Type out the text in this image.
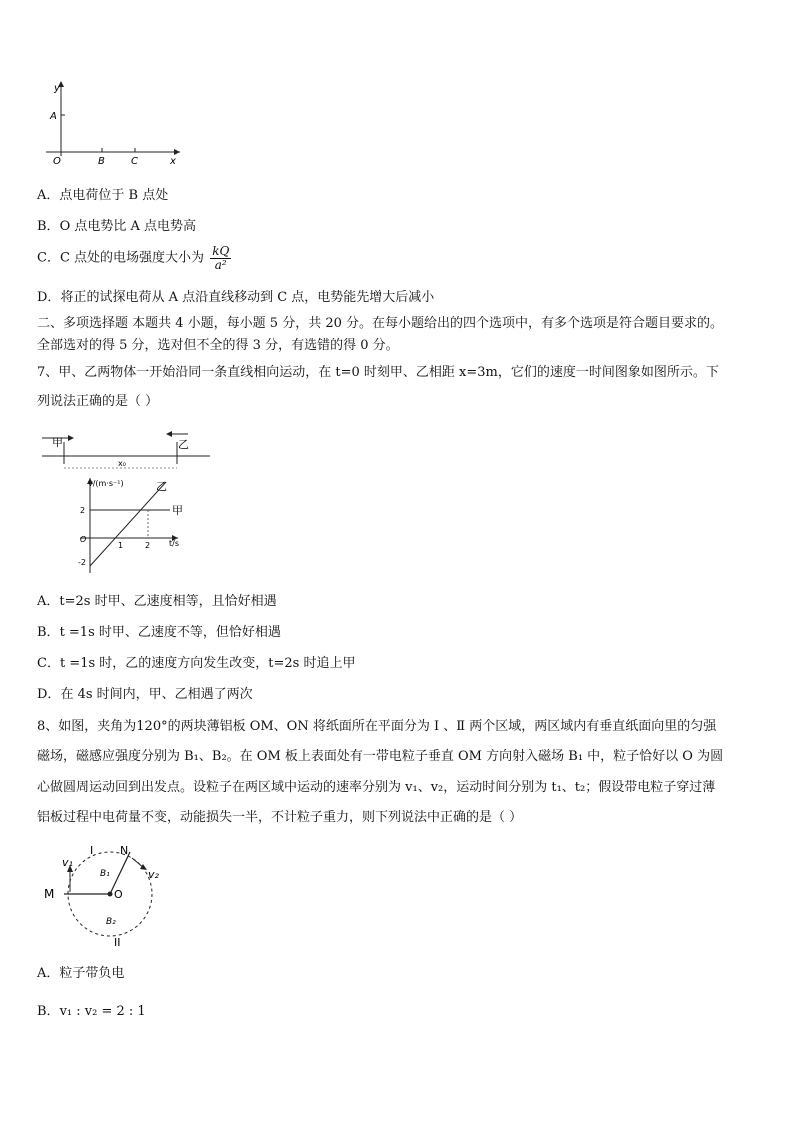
y
A
O	B	C	x
A．点电荷位于 B 点处
B．O 点电势比 A 点电势高
C．C 点处的电场强度大小为 $\frac{kQ}{\text{a²}}$
D．将正的试探电荷从 A 点沿直线移动到 C 点，电势能先增大后减小
二、多项选择题 本题共 4 小题，每小题 5 分，共 20 分。在每小题给出的四个选项中，有多个选项是符合题目要求的。
全部选对的得 5 分，选对但不全的得 3 分，有选错的得 0 分。
7、甲、乙两物体一开始沿同一条直线相向运动，在 t=0 时刻甲、乙相距 x=3m，它们的速度一时间图象如图所示。下
列说法正确的是（ ）
甲	乙
x₀
v/(m·s⁻¹)
t/s
2
O
-2
1	2
乙
甲
A．t=2s 时甲、乙速度相等，且恰好相遇
B．t =1s 时甲、乙速度不等，但恰好相遇
C．t =1s 时，乙的速度方向发生改变，t=2s 时追上甲
D．在 4s 时间内，甲、乙相遇了两次
8、如图，夹角为120°的两块薄铝板 OM、ON 将纸面所在平面分为 Ⅰ 、Ⅱ 两个区域，两区域内有垂直纸面向里的匀强
磁场，磁感应强度分别为 B₁、B₂。在 OM 板上表面处有一带电粒子垂直 OM 方向射入磁场 B₁ 中，粒子恰好以 O 为圆
心做圆周运动回到出发点。设粒子在两区域中运动的速率分别为 v₁、v₂，运动时间分别为 t₁、t₂；假设带电粒子穿过薄
铝板过程中电荷量不变，动能损失一半，不计粒子重力，则下列说法中正确的是（ ）
I N
v₁
v₂
B₁
M	O
B₂
II
A．粒子带负电
B．v₁ : v₂ = 2 : 1
